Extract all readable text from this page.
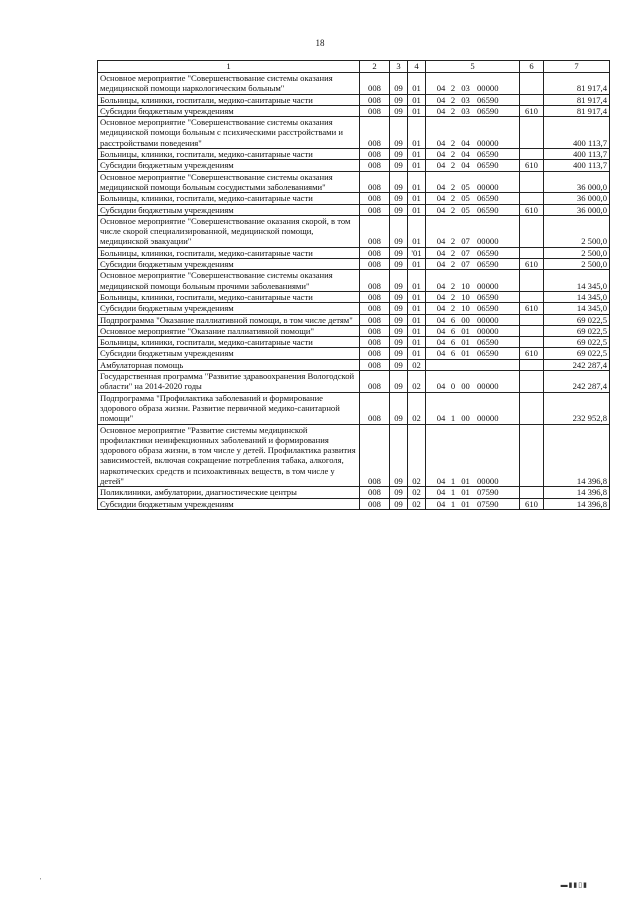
18
1	2	3	4	5	6	7
Основное мероприятие "Совершенствование системы оказания медицинской помощи наркологическим больным"	008	09	01	04 2 03 00000		81 917,4
Больницы, клиники, госпитали, медико-санитарные части	008	09	01	04 2 03 06590		81 917,4
Субсидии бюджетным учреждениям	008	09	01	04 2 03 06590	610	81 917,4
Основное мероприятие "Совершенствование системы оказания медицинской помощи больным с психическими расстройствами и расстройствами поведения"	008	09	01	04 2 04 00000		400 113,7
Больницы, клиники, госпитали, медико-санитарные части	008	09	01	04 2 04 06590		400 113,7
Субсидии бюджетным учреждениям	008	09	01	04 2 04 06590	610	400 113,7
Основное мероприятие "Совершенствование системы оказания медицинской помощи больным сосудистыми заболеваниями"	008	09	01	04 2 05 00000		36 000,0
Больницы, клиники, госпитали, медико-санитарные части	008	09	01	04 2 05 06590		36 000,0
Субсидии бюджетным учреждениям	008	09	01	04 2 05 06590	610	36 000,0
Основное мероприятие "Совершенствование оказания скорой, в том числе скорой специализированной, медицинской помощи, медицинской эвакуации"	008	09	01	04 2 07 00000		2 500,0
Больницы, клиники, госпитали, медико-санитарные части	008	09	'01	04 2 07 06590		2 500,0
Субсидии бюджетным учреждениям	008	09	01	04 2 07 06590	610	2 500,0
Основное мероприятие "Совершенствование системы оказания медицинской помощи больным прочими заболеваниями"	008	09	01	04 2 10 00000		14 345,0
Больницы, клиники, госпитали, медико-санитарные части	008	09	01	04 2 10 06590		14 345,0
Субсидии бюджетным учреждениям	008	09	01	04 2 10 06590	610	14 345,0
Подпрограмма "Оказание паллиативной помощи, в том числе детям"	008	09	01	04 6 00 00000		69 022,5
Основное мероприятие "Оказание паллиативной помощи"	008	09	01	04 6 01 00000		69 022,5
Больницы, клиники, госпитали, медико-санитарные части	008	09	01	04 6 01 06590		69 022,5
Субсидии бюджетным учреждениям	008	09	01	04 6 01 06590	610	69 022,5
Амбулаторная помощь	008	09	02			242 287,4
Государственная программа "Развитие здравоохранения Вологодской области" на 2014-2020 годы	008	09	02	04 0 00 00000		242 287,4
Подпрограмма "Профилактика заболеваний и формирование здорового образа жизни. Развитие первичной медико-санитарной помощи"	008	09	02	04 1 00 00000		232 952,8
Основное мероприятие "Развитие системы медицинской профилактики неинфекционных заболеваний и формирования здорового образа жизни, в том числе у детей. Профилактика развития зависимостей, включая сокращение потребления табака, алкоголя, наркотических средств и психоактивных веществ, в том числе у детей"	008	09	02	04 1 01 00000		14 396,8
Поликлиники, амбулатории, диагностические центры	008	09	02	04 1 01 07590		14 396,8
Субсидии бюджетным учреждениям	008	09	02	04 1 01 07590	610	14 396,8
'	▬▮▮▯▮
